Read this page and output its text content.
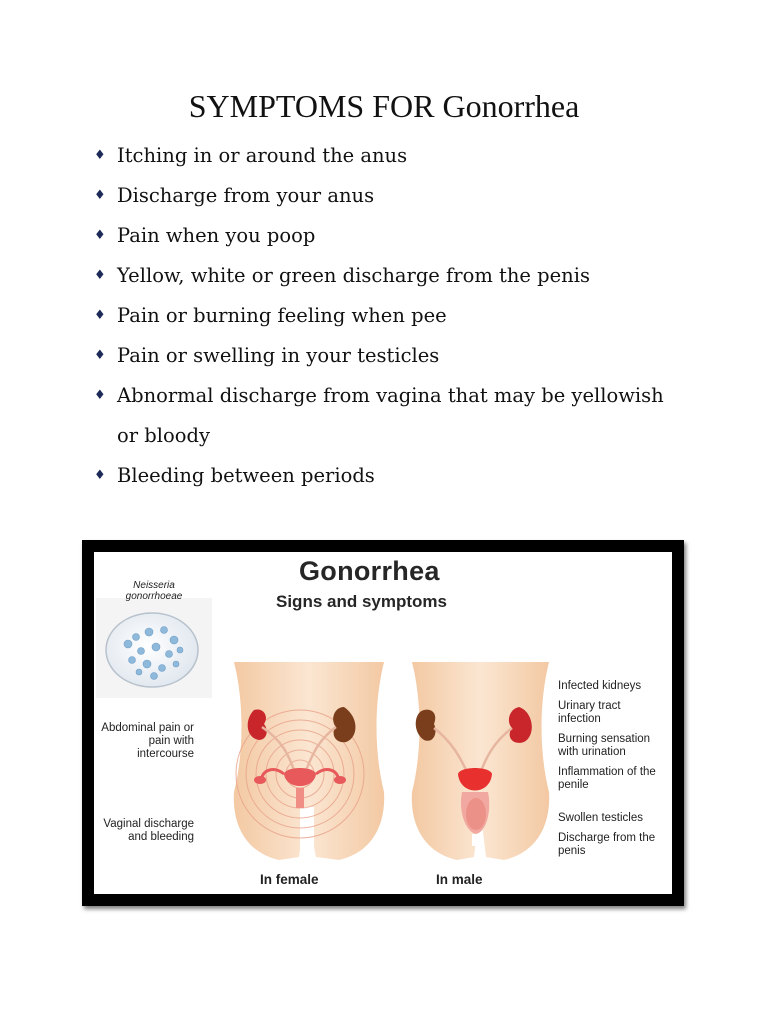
SYMPTOMS FOR Gonorrhea
♦ Itching in or around the anus
♦ Discharge from your anus
♦ Pain when you poop
♦ Yellow, white or green discharge from the penis
♦ Pain or burning feeling when pee
♦ Pain or swelling in your testicles
♦ Abnormal discharge from vagina that may be yellowish
or bloody
♦ Bleeding between periods
Gonorrhea
Signs and symptoms
Neisseria gonorrhoeae
Abdominal pain or pain with intercourse
Vaginal discharge and bleeding
Infected kidneys
Urinary tract infection
Burning sensation with urination
Inflammation of the penile
Swollen testicles
Discharge from the penis
In female	In male
